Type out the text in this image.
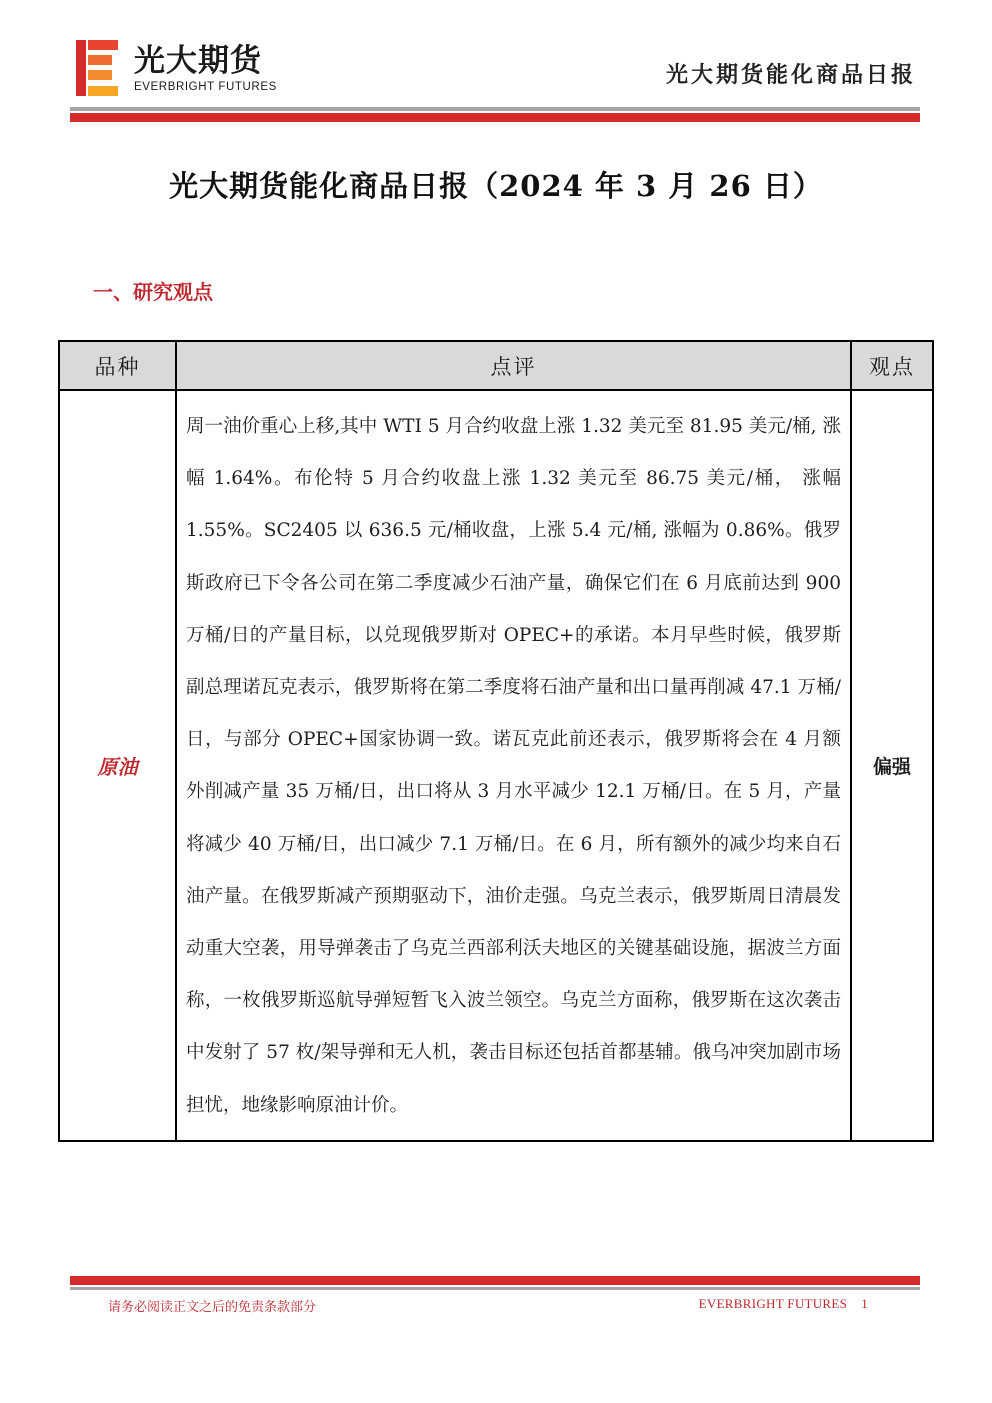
光大期货
EVERBRIGHT FUTURES	光大期货能化商品日报
光大期货能化商品日报（2024 年 3 月 26 日）
一、研究观点
品种	点评	观点
原油	周一油价重心上移,其中 WTI 5 月合约收盘上涨 1.32 美元至 81.95 美元/桶, 涨幅 1.64%。布伦特 5 月合约收盘上涨 1.32 美元至 86.75 美元/桶， 涨幅 1.55%。SC2405 以 636.5 元/桶收盘，上涨 5.4 元/桶, 涨幅为 0.86%。俄罗斯政府已下令各公司在第二季度减少石油产量，确保它们在 6 月底前达到 900 万桶/日的产量目标，以兑现俄罗斯对 OPEC+的承诺。本月早些时候，俄罗斯副总理诺瓦克表示，俄罗斯将在第二季度将石油产量和出口量再削减 47.1 万桶/日，与部分 OPEC+国家协调一致。诺瓦克此前还表示，俄罗斯将会在 4 月额外削减产量 35 万桶/日，出口将从 3 月水平减少 12.1 万桶/日。在 5 月，产量将减少 40 万桶/日，出口减少 7.1 万桶/日。在 6 月，所有额外的减少均来自石油产量。在俄罗斯减产预期驱动下，油价走强。乌克兰表示，俄罗斯周日清晨发动重大空袭，用导弹袭击了乌克兰西部利沃夫地区的关键基础设施，据波兰方面称，一枚俄罗斯巡航导弹短暂飞入波兰领空。乌克兰方面称，俄罗斯在这次袭击中发射了 57 枚/架导弹和无人机，袭击目标还包括首都基辅。俄乌冲突加剧市场担忧，地缘影响原油计价。	偏强
请务必阅读正文之后的免责条款部分	EVERBRIGHT FUTURES 1
